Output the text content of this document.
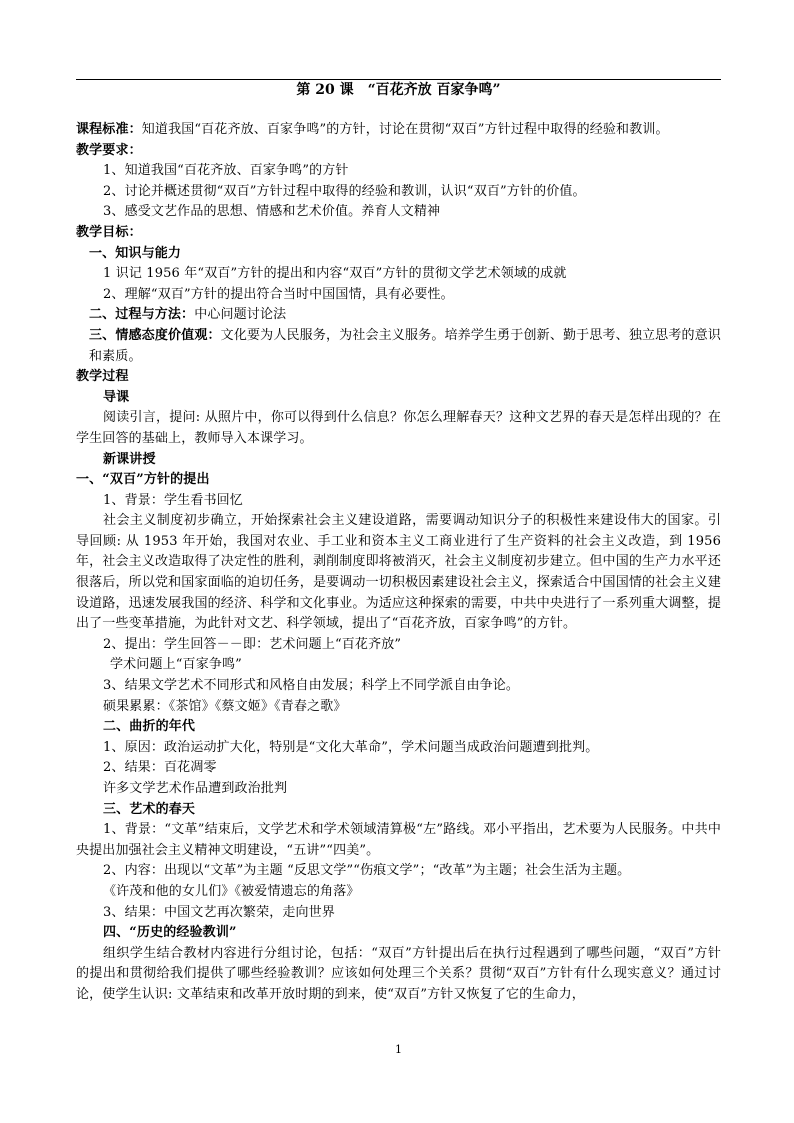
第 20 课　“百花齐放 百家争鸣”

课程标准：知道我国“百花齐放、百家争鸣”的方针，讨论在贯彻“双百”方针过程中取得的经验和教训。

教学要求：

1、知道我国“百花齐放、百家争鸣”的方针

2、讨论并概述贯彻“双百”方针过程中取得的经验和教训，认识“双百”方针的价值。

3、感受文艺作品的思想、情感和艺术价值。养育人文精神

教学目标：

一、知识与能力

1 识记 1956 年“双百”方针的提出和内容“双百”方针的贯彻文学艺术领域的成就

2、理解“双百”方针的提出符合当时中国国情，具有必要性。

二、过程与方法：中心问题讨论法

三、情感态度价值观：文化要为人民服务，为社会主义服务。培养学生勇于创新、勤于思考、独立思考的意识和素质。

教学过程

导课

阅读引言，提问: 从照片中，你可以得到什么信息？你怎么理解春天？这种文艺界的春天是怎样出现的？在学生回答的基础上，教师导入本课学习。

新课讲授

一、“双百”方针的提出

1、背景：学生看书回忆

社会主义制度初步确立，开始探索社会主义建设道路，需要调动知识分子的积极性来建设伟大的国家。引导回顾: 从 1953 年开始，我国对农业、手工业和资本主义工商业进行了生产资料的社会主义改造，到 1956 年，社会主义改造取得了决定性的胜利，剥削制度即将被消灭，社会主义制度初步建立。但中国的生产力水平还很落后，所以党和国家面临的迫切任务，是要调动一切积极因素建设社会主义，探索适合中国国情的社会主义建设道路，迅速发展我国的经济、科学和文化事业。为适应这种探索的需要，中共中央进行了一系列重大调整，提出了一些变革措施，为此针对文艺、科学领域，提出了“百花齐放，百家争鸣”的方针。

2、提出：学生回答－－即：艺术问题上“百花齐放”

学术问题上“百家争鸣”

3、结果文学艺术不同形式和风格自由发展；科学上不同学派自由争论。

硕果累累：《茶馆》《蔡文姬》《青春之歌》

二、曲折的年代

1、原因：政治运动扩大化，特别是“文化大革命”，学术问题当成政治问题遭到批判。

2、结果：百花凋零

许多文学艺术作品遭到政治批判

三、艺术的春天

1、背景：“文革”结束后，文学艺术和学术领域清算极“左”路线。邓小平指出，艺术要为人民服务。中共中央提出加强社会主义精神文明建设，“五讲”“四美”。

2、内容：出现以“文革”为主题 “反思文学”“伤痕文学”；“改革”为主题；社会生活为主题。

《许茂和他的女儿们》《被爱情遗忘的角落》

3、结果：中国文艺再次繁荣，走向世界

四、“历史的经验教训”

组织学生结合教材内容进行分组讨论，包括：“双百”方针提出后在执行过程遇到了哪些问题，“双百”方针的提出和贯彻给我们提供了哪些经验教训？应该如何处理三个关系？贯彻“双百”方针有什么现实意义？通过讨论，使学生认识: 文革结束和改革开放时期的到来，使“双百”方针又恢复了它的生命力，

1
